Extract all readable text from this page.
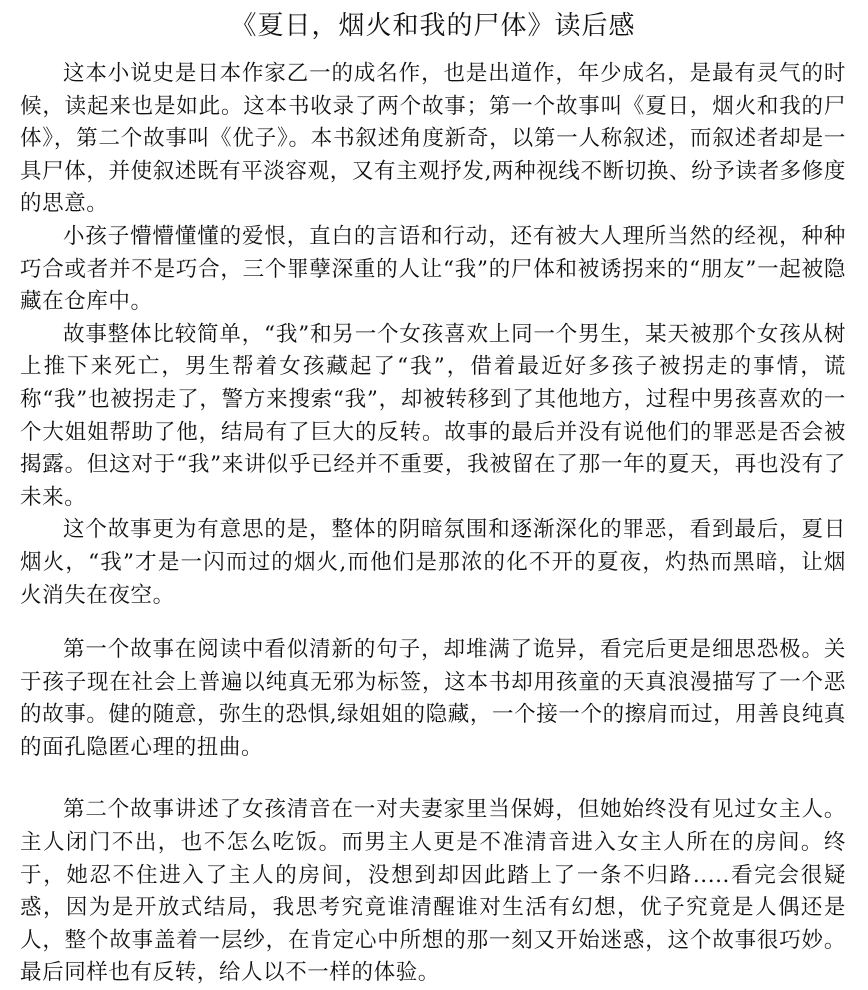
《夏日，烟火和我的尸体》读后感

这本小说史是日本作家乙一的成名作，也是出道作，年少成名，是最有灵气的时候，读起来也是如此。这本书收录了两个故事；第一个故事叫《夏日，烟火和我的尸体》，第二个故事叫《优子》。本书叙述角度新奇，以第一人称叙述，而叙述者却是一具尸体，并使叙述既有平淡容观，又有主观抒发,两种视线不断切换、纷予读者多修度的思意。

小孩子懵懵懂懂的爱恨，直白的言语和行动，还有被大人理所当然的经视，种种巧合或者并不是巧合，三个罪孽深重的人让“我”的尸体和被诱拐来的“朋友”一起被隐藏在仓库中。

故事整体比较简单，“我”和另一个女孩喜欢上同一个男生，某天被那个女孩从树上推下来死亡，男生帮着女孩藏起了“我”，借着最近好多孩子被拐走的事情，谎称“我”也被拐走了，警方来搜索“我”，却被转移到了其他地方，过程中男孩喜欢的一个大姐姐帮助了他，结局有了巨大的反转。故事的最后并没有说他们的罪恶是否会被揭露。但这对于“我”来讲似乎已经并不重要，我被留在了那一年的夏天，再也没有了未来。

这个故事更为有意思的是，整体的阴暗氛围和逐渐深化的罪恶，看到最后，夏日烟火，“我”才是一闪而过的烟火,而他们是那浓的化不开的夏夜，灼热而黑暗，让烟火消失在夜空。

第一个故事在阅读中看似清新的句子，却堆满了诡异，看完后更是细思恐极。关于孩子现在社会上普遍以纯真无邪为标签，这本书却用孩童的天真浪漫描写了一个恶的故事。健的随意，弥生的恐惧,绿姐姐的隐藏，一个接一个的擦肩而过，用善良纯真的面孔隐匿心理的扭曲。

第二个故事讲述了女孩清音在一对夫妻家里当保姆，但她始终没有见过女主人。主人闭门不出，也不怎么吃饭。而男主人更是不准清音进入女主人所在的房间。终于，她忍不住进入了主人的房间，没想到却因此踏上了一条不归路.....看完会很疑惑，因为是开放式结局，我思考究竟谁清醒谁对生活有幻想，优子究竟是人偶还是人，整个故事盖着一层纱，在肯定心中所想的那一刻又开始迷惑，这个故事很巧妙。最后同样也有反转，给人以不一样的体验。
